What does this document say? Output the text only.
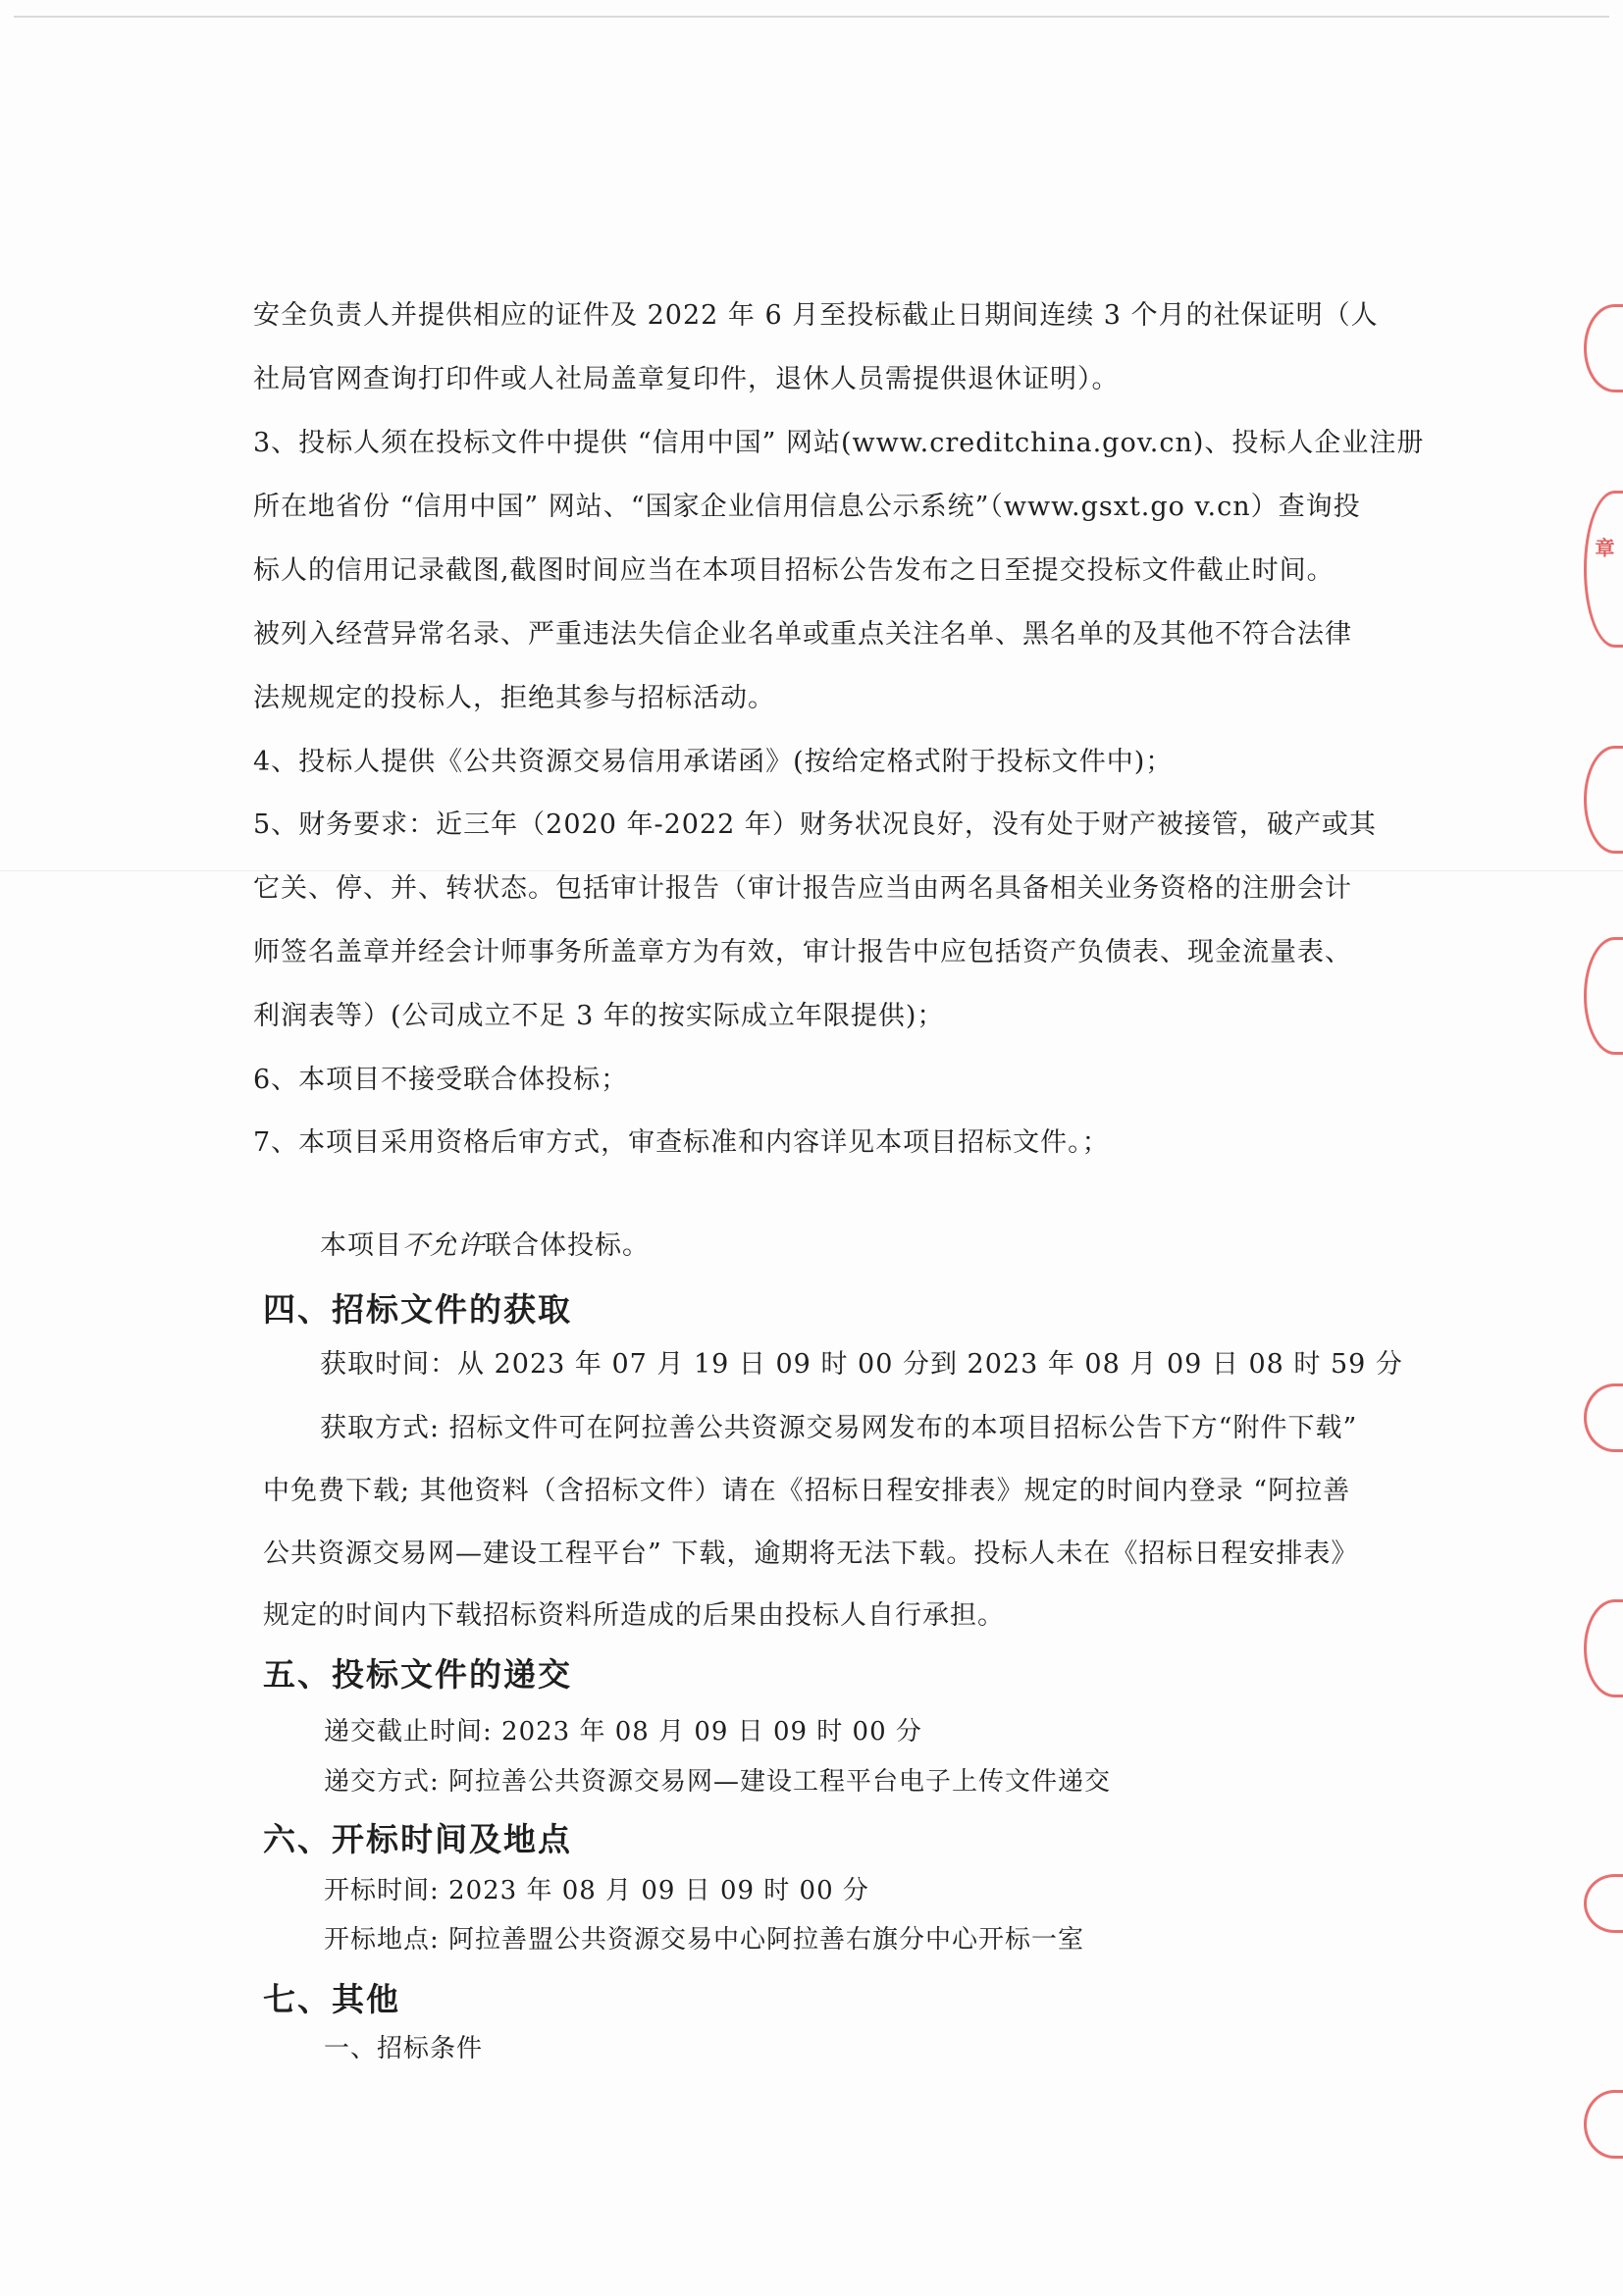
安全负责人并提供相应的证件及 2022 年 6 月至投标截止日期间连续 3 个月的社保证明（人
社局官网查询打印件或人社局盖章复印件，退休人员需提供退休证明）。
3、投标人须在投标文件中提供 “信用中国” 网站(www.creditchina.gov.cn)、投标人企业注册
所在地省份 “信用中国” 网站、“国家企业信用信息公示系统”（www.gsxt.go v.cn）查询投
标人的信用记录截图,截图时间应当在本项目招标公告发布之日至提交投标文件截止时间。
被列入经营异常名录、严重违法失信企业名单或重点关注名单、黑名单的及其他不符合法律
法规规定的投标人，拒绝其参与招标活动。
4、投标人提供《公共资源交易信用承诺函》(按给定格式附于投标文件中)；
5、财务要求：近三年（2020 年-2022 年）财务状况良好，没有处于财产被接管，破产或其
它关、停、并、转状态。包括审计报告（审计报告应当由两名具备相关业务资格的注册会计
师签名盖章并经会计师事务所盖章方为有效，审计报告中应包括资产负债表、现金流量表、
利润表等）(公司成立不足 3 年的按实际成立年限提供)；
6、本项目不接受联合体投标；
7、本项目采用资格后审方式，审查标准和内容详见本项目招标文件。；
本项目不允许联合体投标。
四、招标文件的获取
获取时间：从 2023 年 07 月 19 日 09 时 00 分到 2023 年 08 月 09 日 08 时 59 分
获取方式: 招标文件可在阿拉善公共资源交易网发布的本项目招标公告下方“附件下载”
中免费下载; 其他资料（含招标文件）请在《招标日程安排表》规定的时间内登录 “阿拉善
公共资源交易网—建设工程平台” 下载，逾期将无法下载。投标人未在《招标日程安排表》
规定的时间内下载招标资料所造成的后果由投标人自行承担。
五、投标文件的递交
递交截止时间: 2023 年 08 月 09 日 09 时 00 分
递交方式: 阿拉善公共资源交易网—建设工程平台电子上传文件递交
六、开标时间及地点
开标时间: 2023 年 08 月 09 日 09 时 00 分
开标地点: 阿拉善盟公共资源交易中心阿拉善右旗分中心开标一室
七、其他
一、招标条件
章
